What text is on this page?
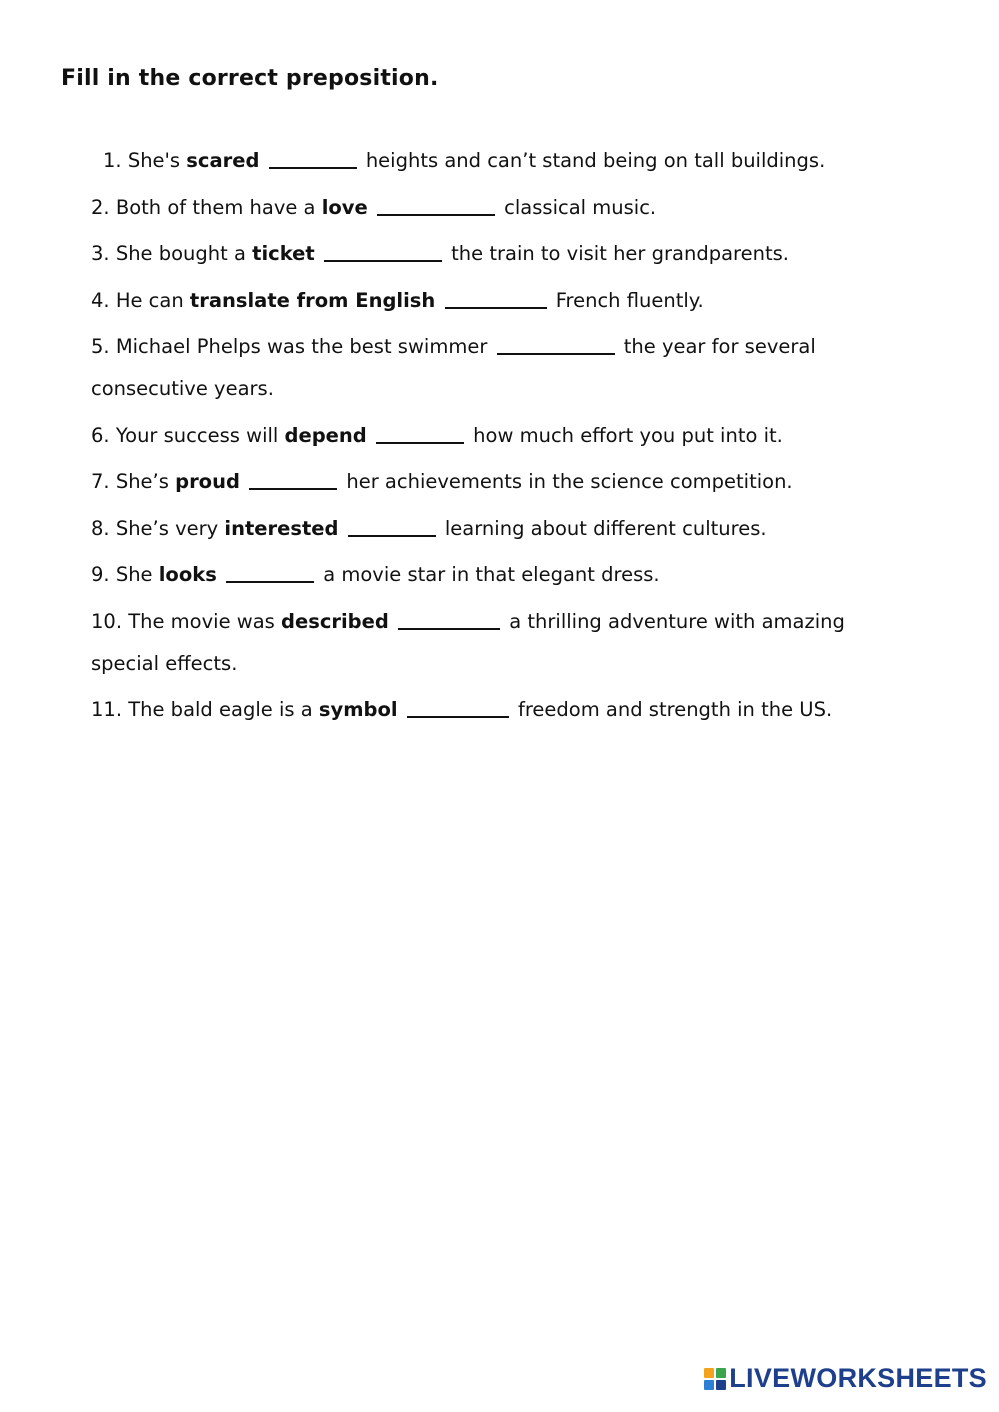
Fill in the correct preposition.
1. She's scared	heights and can’t stand being on tall buildings.
2. Both of them have a love	classical music.
3. She bought a ticket	the train to visit her grandparents.
4. He can translate from English	French fluently.
5. Michael Phelps was the best swimmer	the year for several consecutive years.
6. Your success will depend	how much effort you put into it.
7. She’s proud	her achievements in the science competition.
8. She’s very interested	learning about different cultures.
9. She looks	a movie star in that elegant dress.
10. The movie was described	a thrilling adventure with amazing special effects.
11. The bald eagle is a symbol	freedom and strength in the US.
LIVEWORKSHEETS
